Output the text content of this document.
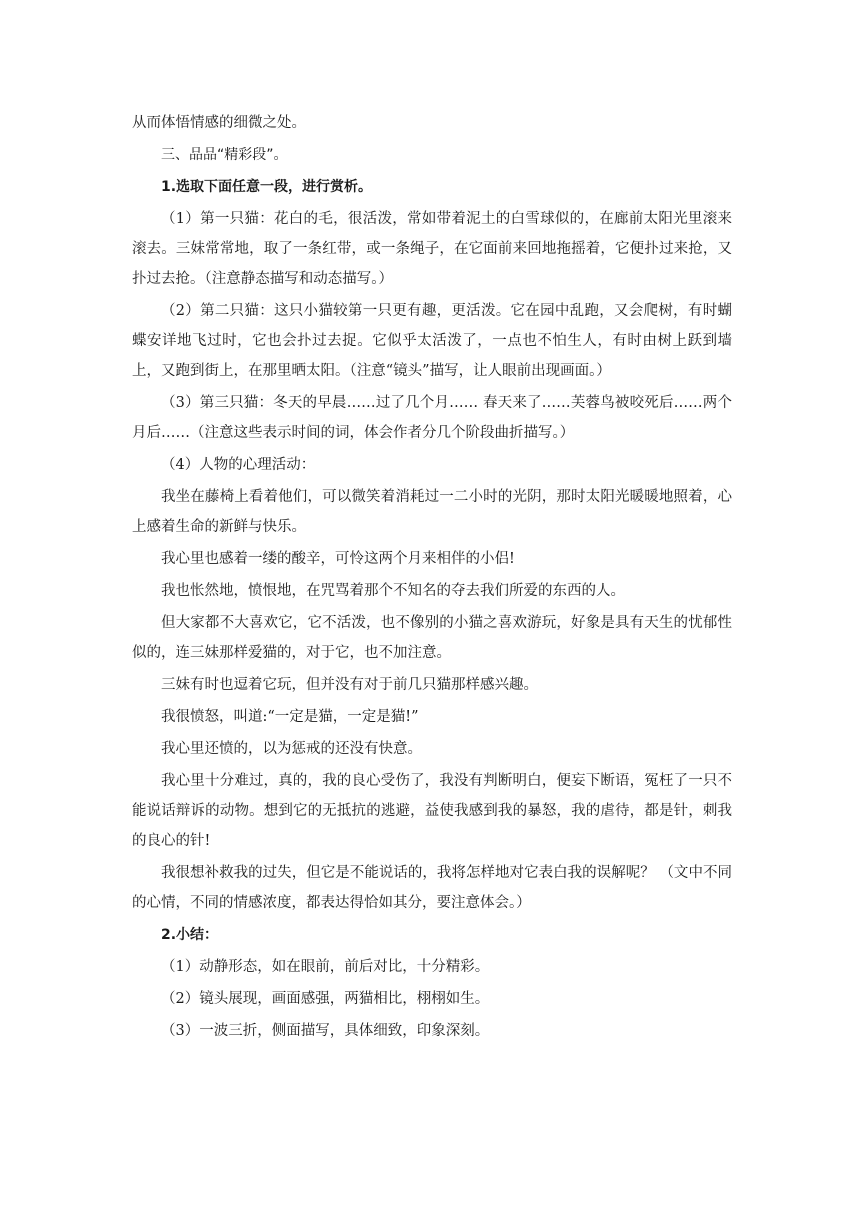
从而体悟情感的细微之处。

三、品品“精彩段”。

1.选取下面任意一段，进行赏析。

（1）第一只猫：花白的毛，很活泼，常如带着泥土的白雪球似的，在廊前太阳光里滚来滚去。三妹常常地，取了一条红带，或一条绳子，在它面前来回地拖摇着，它便扑过来抢，又扑过去抢。（注意静态描写和动态描写。）

（2）第二只猫：这只小猫较第一只更有趣，更活泼。它在园中乱跑，又会爬树，有时蝴蝶安详地飞过时，它也会扑过去捉。它似乎太活泼了，一点也不怕生人，有时由树上跃到墙上，又跑到街上，在那里晒太阳。（注意“镜头”描写，让人眼前出现画面。）

（3）第三只猫：冬天的早晨……过了几个月…… 春天来了……芙蓉鸟被咬死后……两个月后……（注意这些表示时间的词，体会作者分几个阶段曲折描写。）

（4）人物的心理活动：

我坐在藤椅上看着他们，可以微笑着消耗过一二小时的光阴，那时太阳光暖暖地照着，心上感着生命的新鲜与快乐。

我心里也感着一缕的酸辛，可怜这两个月来相伴的小侣!

我也怅然地，愤恨地，在咒骂着那个不知名的夺去我们所爱的东西的人。

但大家都不大喜欢它，它不活泼，也不像别的小猫之喜欢游玩，好象是具有天生的忧郁性似的，连三妹那样爱猫的，对于它，也不加注意。

三妹有时也逗着它玩，但并没有对于前几只猫那样感兴趣。

我很愤怒，叫道:“一定是猫，一定是猫!”

我心里还愤的，以为惩戒的还没有快意。

我心里十分难过，真的，我的良心受伤了，我没有判断明白，便妄下断语，冤枉了一只不能说话辩诉的动物。想到它的无抵抗的逃避，益使我感到我的暴怒，我的虐待，都是针，刺我的良心的针!

我很想补救我的过失，但它是不能说话的，我将怎样地对它表白我的误解呢？ （文中不同的心情，不同的情感浓度，都表达得恰如其分，要注意体会。）

2.小结：

（1）动静形态，如在眼前，前后对比，十分精彩。

（2）镜头展现，画面感强，两猫相比，栩栩如生。

（3）一波三折，侧面描写，具体细致，印象深刻。
